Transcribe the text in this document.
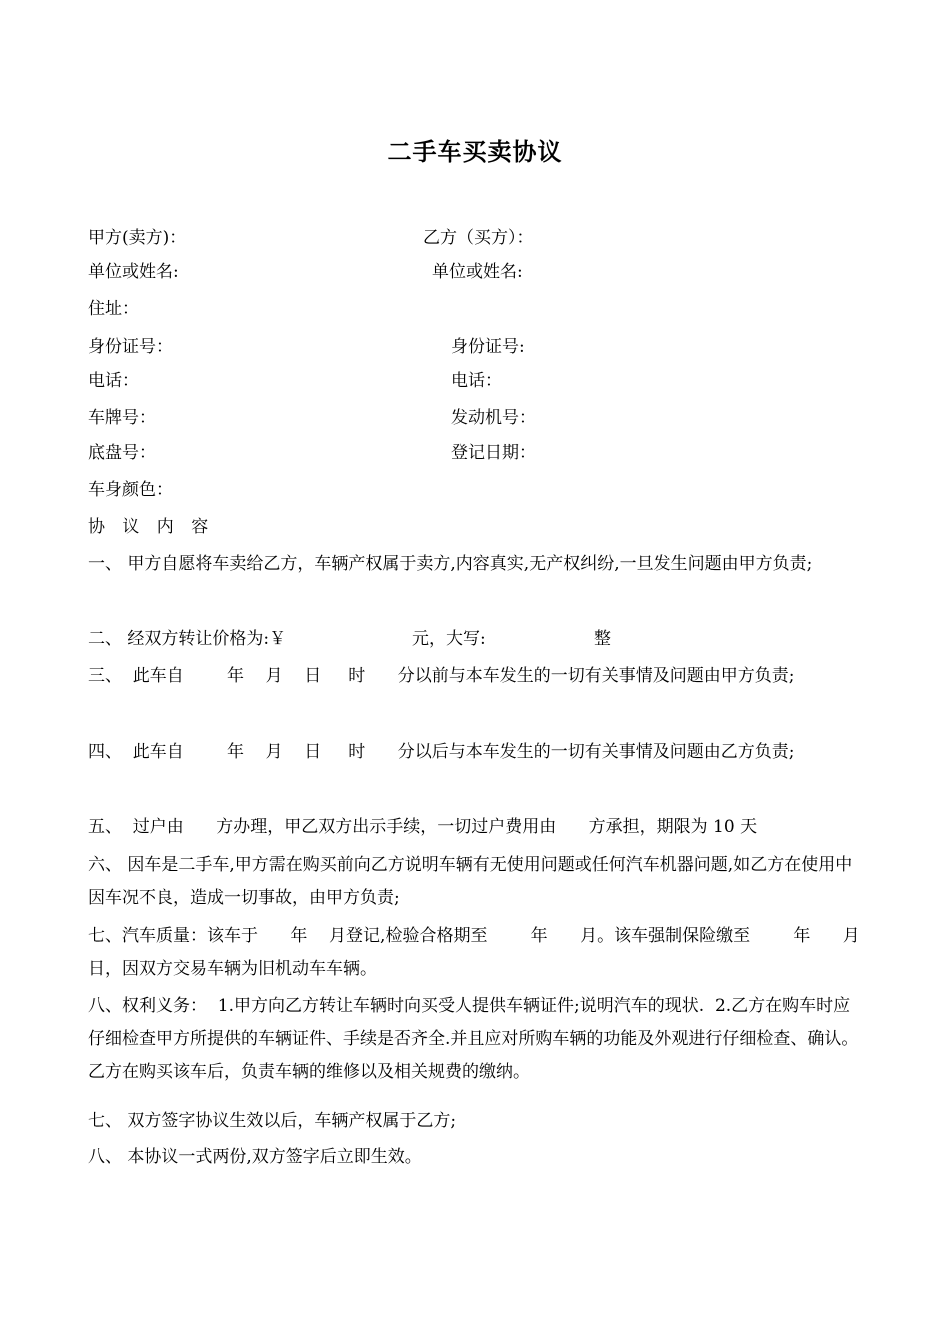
二手车买卖协议
甲方(卖方)：	乙方（买方）：
单位或姓名:	单位或姓名:
住址：
身份证号：	身份证号:
电话：	电话：
车牌号：	发动机号：
底盘号：	登记日期：
车身颜色：
协 议 内 容
一、 甲方自愿将车卖给乙方，车辆产权属于卖方,内容真实,无产权纠纷,一旦发生问题由甲方负责;
二、 经双方转让价格为:￥	元，大写:	整
三、  此车自        年    月    日     时      分以前与本车发生的一切有关事情及问题由甲方负责;
四、  此车自        年    月    日     时      分以后与本车发生的一切有关事情及问题由乙方负责;
五、  过户由      方办理，甲乙双方出示手续，一切过户费用由      方承担，期限为 10 天
六、 因车是二手车,甲方需在购买前向乙方说明车辆有无使用问题或任何汽车机器问题,如乙方在使用中因车况不良，造成一切事故，由甲方负责;
七、汽车质量：该车于      年    月登记,检验合格期至        年      月。该车强制保险缴至        年      月      日，因双方交易车辆为旧机动车车辆。
八、权利义务：  1.甲方向乙方转让车辆时向买受人提供车辆证件;说明汽车的现状.  2.乙方在购车时应仔细检查甲方所提供的车辆证件、手续是否齐全.并且应对所购车辆的功能及外观进行仔细检查、确认。乙方在购买该车后，负责车辆的维修以及相关规费的缴纳。
七、 双方签字协议生效以后，车辆产权属于乙方;
八、 本协议一式两份,双方签字后立即生效。
